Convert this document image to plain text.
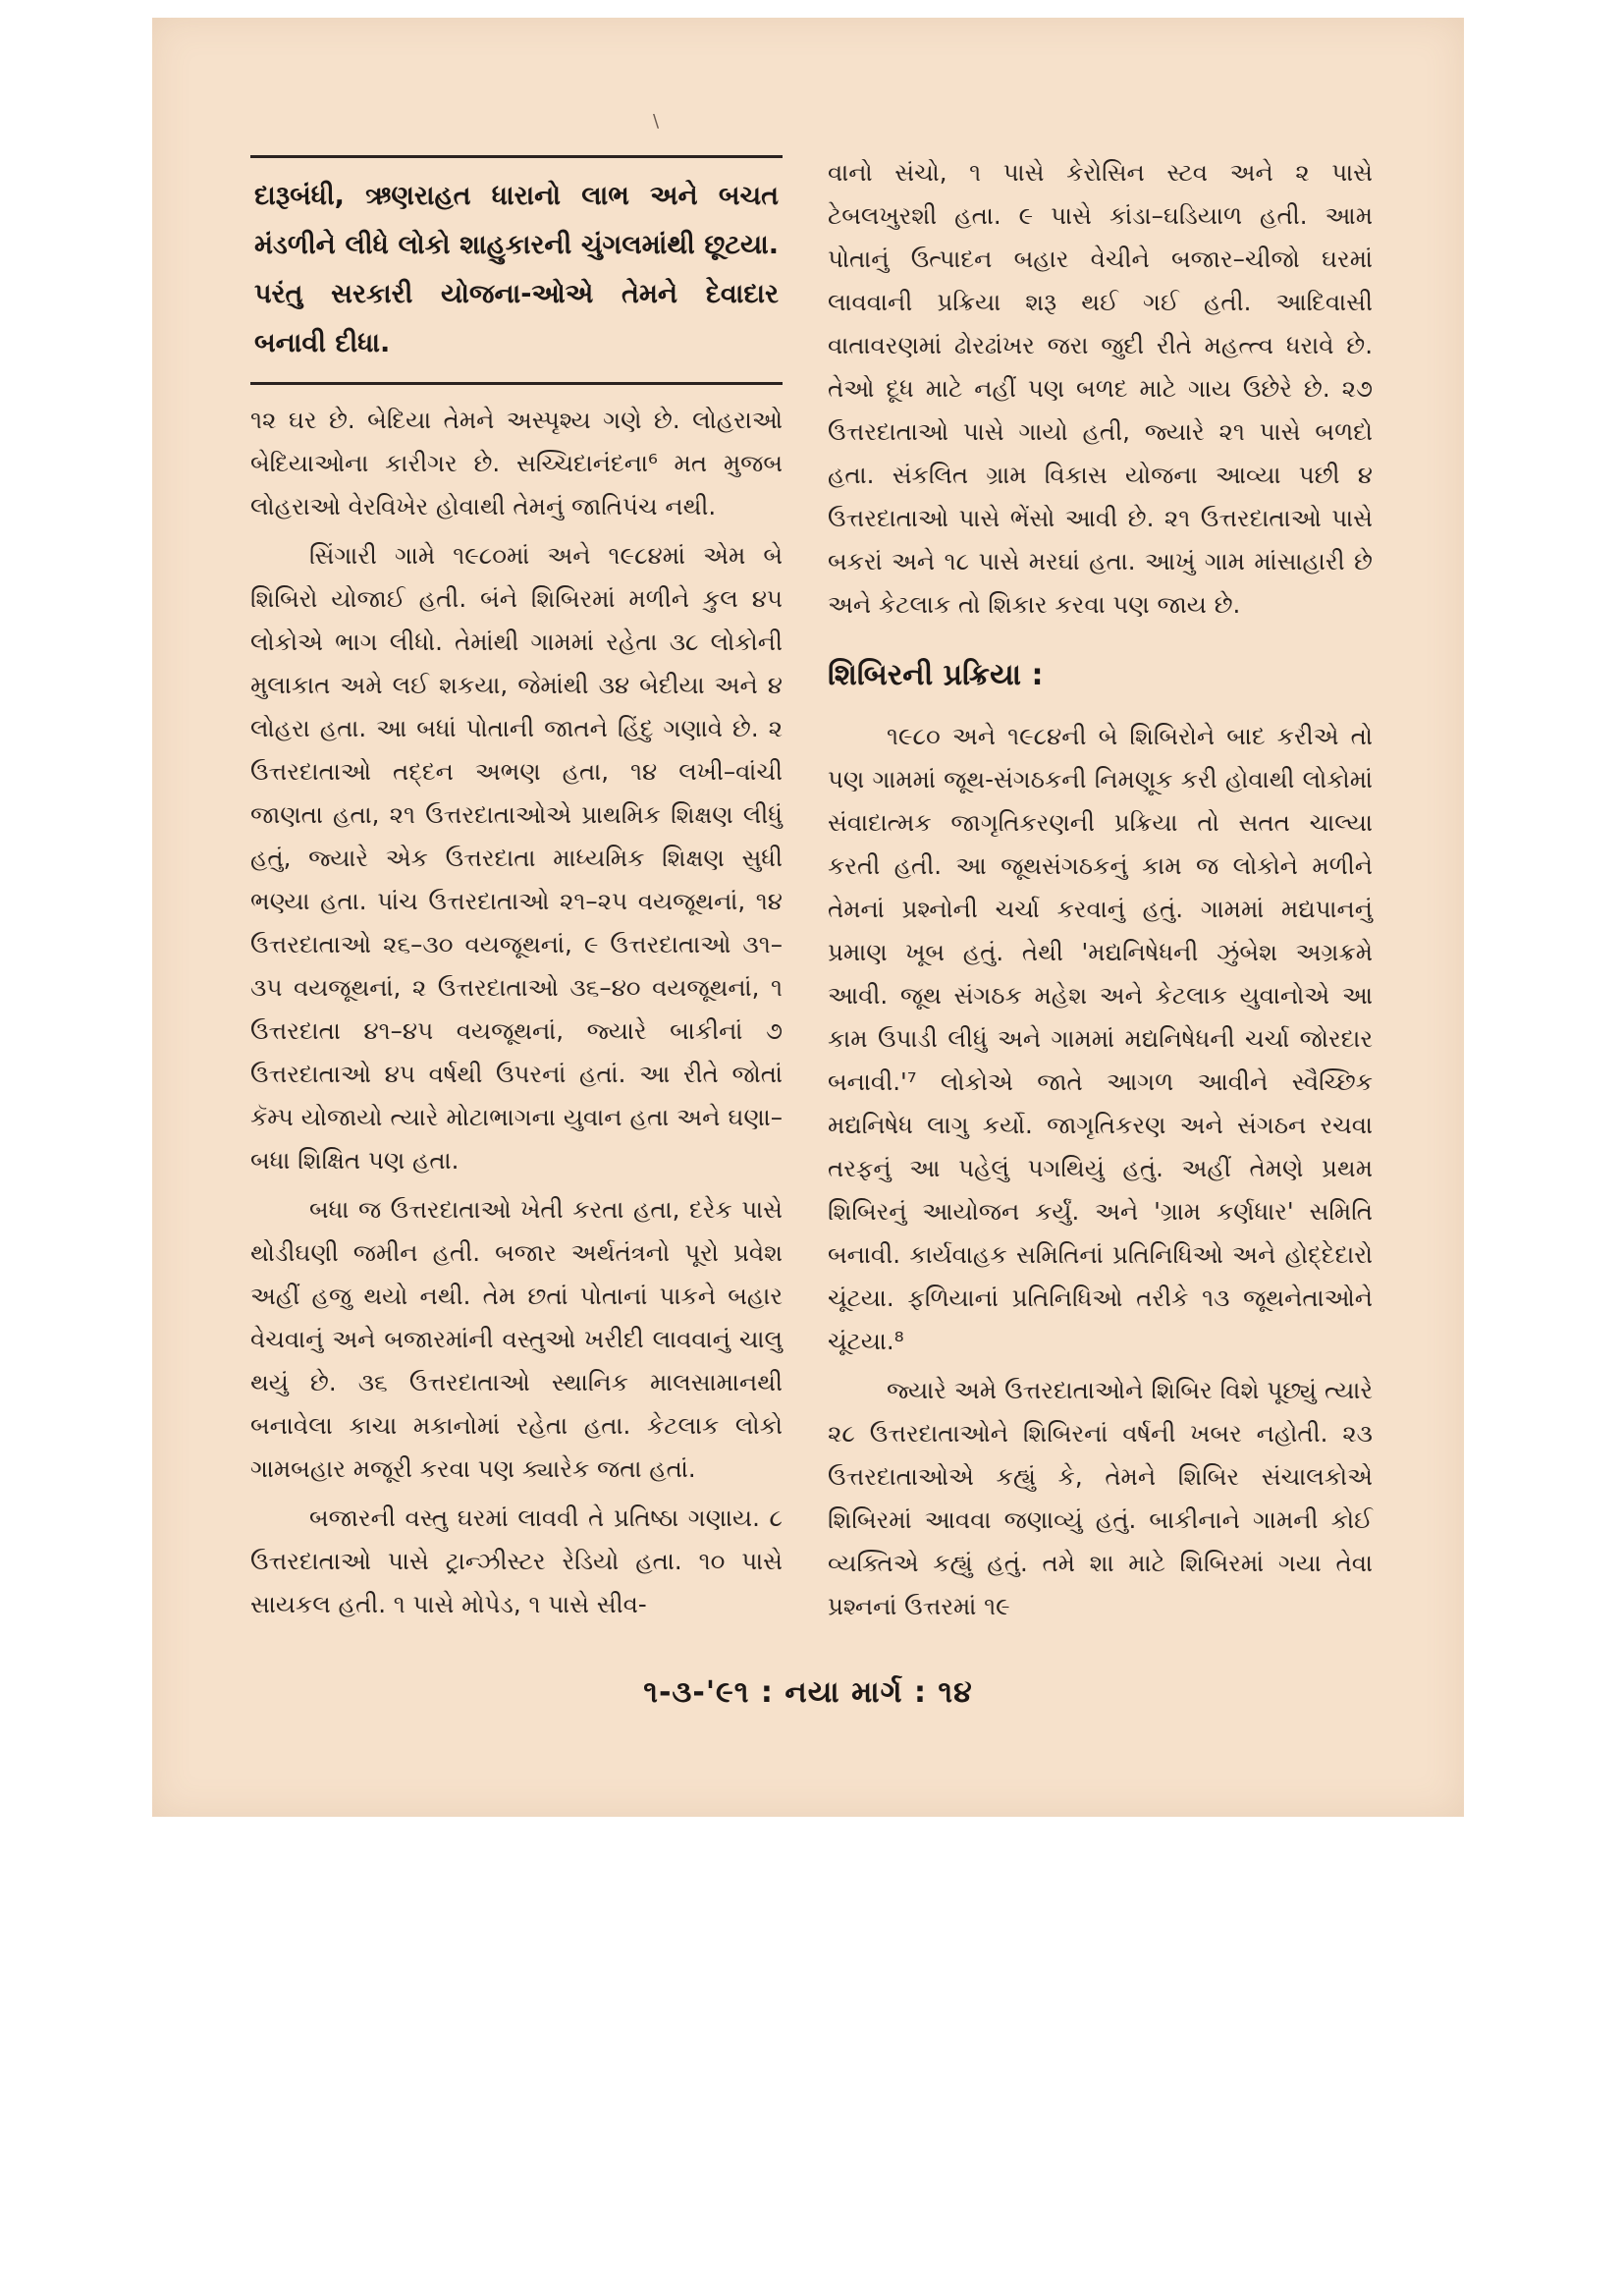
\
દારૂબંધી, ઋણરાહત ધારાનો લાભ અને બચત મંડળીને લીધે લોકો શાહુકારની ચુંગલમાંથી છૂટયા. પરંતુ સરકારી યોજના-ઓએ તેમને દેવાદાર બનાવી દીધા.

૧૨ ઘર છે. બેદિયા તેમને અસ્પૃશ્ય ગણે છે. લોહરાઓ બેદિયાઓના કારીગર છે. સચ્ચિદાનંદના⁶ મત મુજબ લોહરાઓ વેરવિખેર હોવાથી તેમનું જાતિપંચ નથી.

સિંગારી ગામે ૧૯૮૦માં અને ૧૯૮૪માં એમ બે શિબિરો યોજાઈ હતી. બંને શિબિરમાં મળીને કુલ ૪૫ લોકોએ ભાગ લીધો. તેમાંથી ગામમાં રહેતા ૩૮ લોકોની મુલાકાત અમે લઈ શકયા, જેમાંથી ૩૪ બેદીયા અને ૪ લોહરા હતા. આ બધાં પોતાની જાતને હિંદુ ગણાવે છે. ૨ ઉત્તરદાતાઓ તદ્દન અભણ હતા, ૧૪ લખી–વાંચી જાણતા હતા, ૨૧ ઉત્તરદાતાઓએ પ્રાથમિક શિક્ષણ લીધું હતું, જ્યારે એક ઉત્તરદાતા માધ્યમિક શિક્ષણ સુધી ભણ્યા હતા. પાંચ ઉત્તરદાતાઓ ૨૧–૨૫ વયજૂથનાં, ૧૪ ઉત્તરદાતાઓ ૨૬–૩૦ વયજૂથનાં, ૯ ઉત્તરદાતાઓ ૩૧–૩૫ વયજૂથનાં, ૨ ઉત્તરદાતાઓ ૩૬–૪૦ વયજૂથનાં, ૧ ઉત્તરદાતા ૪૧–૪૫ વયજૂથનાં, જ્યારે બાકીનાં ૭ ઉત્તરદાતાઓ ૪૫ વર્ષથી ઉપરનાં હતાં. આ રીતે જોતાં કૅમ્પ યોજાયો ત્યારે મોટાભાગના યુવાન હતા અને ઘણા–બધા શિક્ષિત પણ હતા.

બધા જ ઉત્તરદાતાઓ ખેતી કરતા હતા, દરેક પાસે થોડીઘણી જમીન હતી. બજાર અર્થતંત્રનો પૂરો પ્રવેશ અહીં હજુ થયો નથી. તેમ છતાં પોતાનાં પાકને બહાર વેચવાનું અને બજારમાંની વસ્તુઓ ખરીદી લાવવાનું ચાલુ થયું છે. ૩૬ ઉત્તરદાતાઓ સ્થાનિક માલસામાનથી બનાવેલા કાચા મકાનોમાં રહેતા હતા. કેટલાક લોકો ગામબહાર મજૂરી કરવા પણ ક્યારેક જતા હતાં.

બજારની વસ્તુ ઘરમાં લાવવી તે પ્રતિષ્ઠા ગણાય. ૮ ઉત્તરદાતાઓ પાસે ટ્રાન્ઝીસ્ટર રેડિયો હતા. ૧૦ પાસે સાયકલ હતી. ૧ પાસે મોપેડ, ૧ પાસે સીવ-

વાનો સંચો, ૧ પાસે કેરોસિન સ્ટવ અને ૨ પાસે ટેબલખુરશી હતા. ૯ પાસે કાંડા–ઘડિયાળ હતી. આમ પોતાનું ઉત્પાદન બહાર વેચીને બજાર–ચીજો ઘરમાં લાવવાની પ્રક્રિયા શરૂ થઈ ગઈ હતી. આદિવાસી વાતાવરણમાં ઢોરઢાંખર જરા જુદી રીતે મહત્ત્વ ધરાવે છે. તેઓ દૂધ માટે નહીં પણ બળદ માટે ગાય ઉછેરે છે. ૨૭ ઉત્તરદાતાઓ પાસે ગાયો હતી, જ્યારે ૨૧ પાસે બળદો હતા. સંકલિત ગ્રામ વિકાસ યોજના આવ્યા પછી ૪ ઉત્તરદાતાઓ પાસે ભેંસો આવી છે. ૨૧ ઉત્તરદાતાઓ પાસે બકરાં અને ૧૮ પાસે મરઘાં હતા. આખું ગામ માંસાહારી છે અને કેટલાક તો શિકાર કરવા પણ જાય છે.

શિબિરની પ્રક્રિયા :

૧૯૮૦ અને ૧૯૮૪ની બે શિબિરોને બાદ કરીએ તો પણ ગામમાં જૂથ-સંગઠકની નિમણૂક કરી હોવાથી લોકોમાં સંવાદાત્મક જાગૃતિકરણની પ્રક્રિયા તો સતત ચાલ્યા કરતી હતી. આ જૂથસંગઠકનું કામ જ લોકોને મળીને તેમનાં પ્રશ્નોની ચર્ચા કરવાનું હતું. ગામમાં મદ્યપાનનું પ્રમાણ ખૂબ હતું. તેથી 'મદ્યનિષેધની ઝુંબેશ અગ્રક્રમે આવી. જૂથ સંગઠક મહેશ અને કેટલાક યુવાનોએ આ કામ ઉપાડી લીધું અને ગામમાં મદ્યનિષેધની ચર્ચા જોરદાર બનાવી.'⁷ લોકોએ જાતે આગળ આવીને સ્વૈચ્છિક મદ્યનિષેધ લાગુ કર્યો. જાગૃતિકરણ અને સંગઠન રચવા તરફનું આ પહેલું પગથિયું હતું. અહીં તેમણે પ્રથમ શિબિરનું આયોજન કર્યું. અને 'ગ્રામ કર્ણધાર' સમિતિ બનાવી. કાર્યવાહક સમિતિનાં પ્રતિનિધિઓ અને હોદ્દેદારો ચૂંટયા. ફળિયાનાં પ્રતિનિધિઓ તરીકે ૧૩ જૂથનેતાઓને ચૂંટયા.⁸

જ્યારે અમે ઉત્તરદાતાઓને શિબિર વિશે પૂછ્યું ત્યારે ૨૮ ઉત્તરદાતાઓને શિબિરનાં વર્ષની ખબર નહોતી. ૨૩ ઉત્તરદાતાઓએ કહ્યું કે, તેમને શિબિર સંચાલકોએ શિબિરમાં આવવા જણાવ્યું હતું. બાકીનાને ગામની કોઈ વ્યક્તિએ કહ્યું હતું. તમે શા માટે શિબિરમાં ગયા તેવા પ્રશ્નનાં ઉત્તરમાં ૧૯

૧-૩-'૯૧ : નયા માર્ગ : ૧૪
